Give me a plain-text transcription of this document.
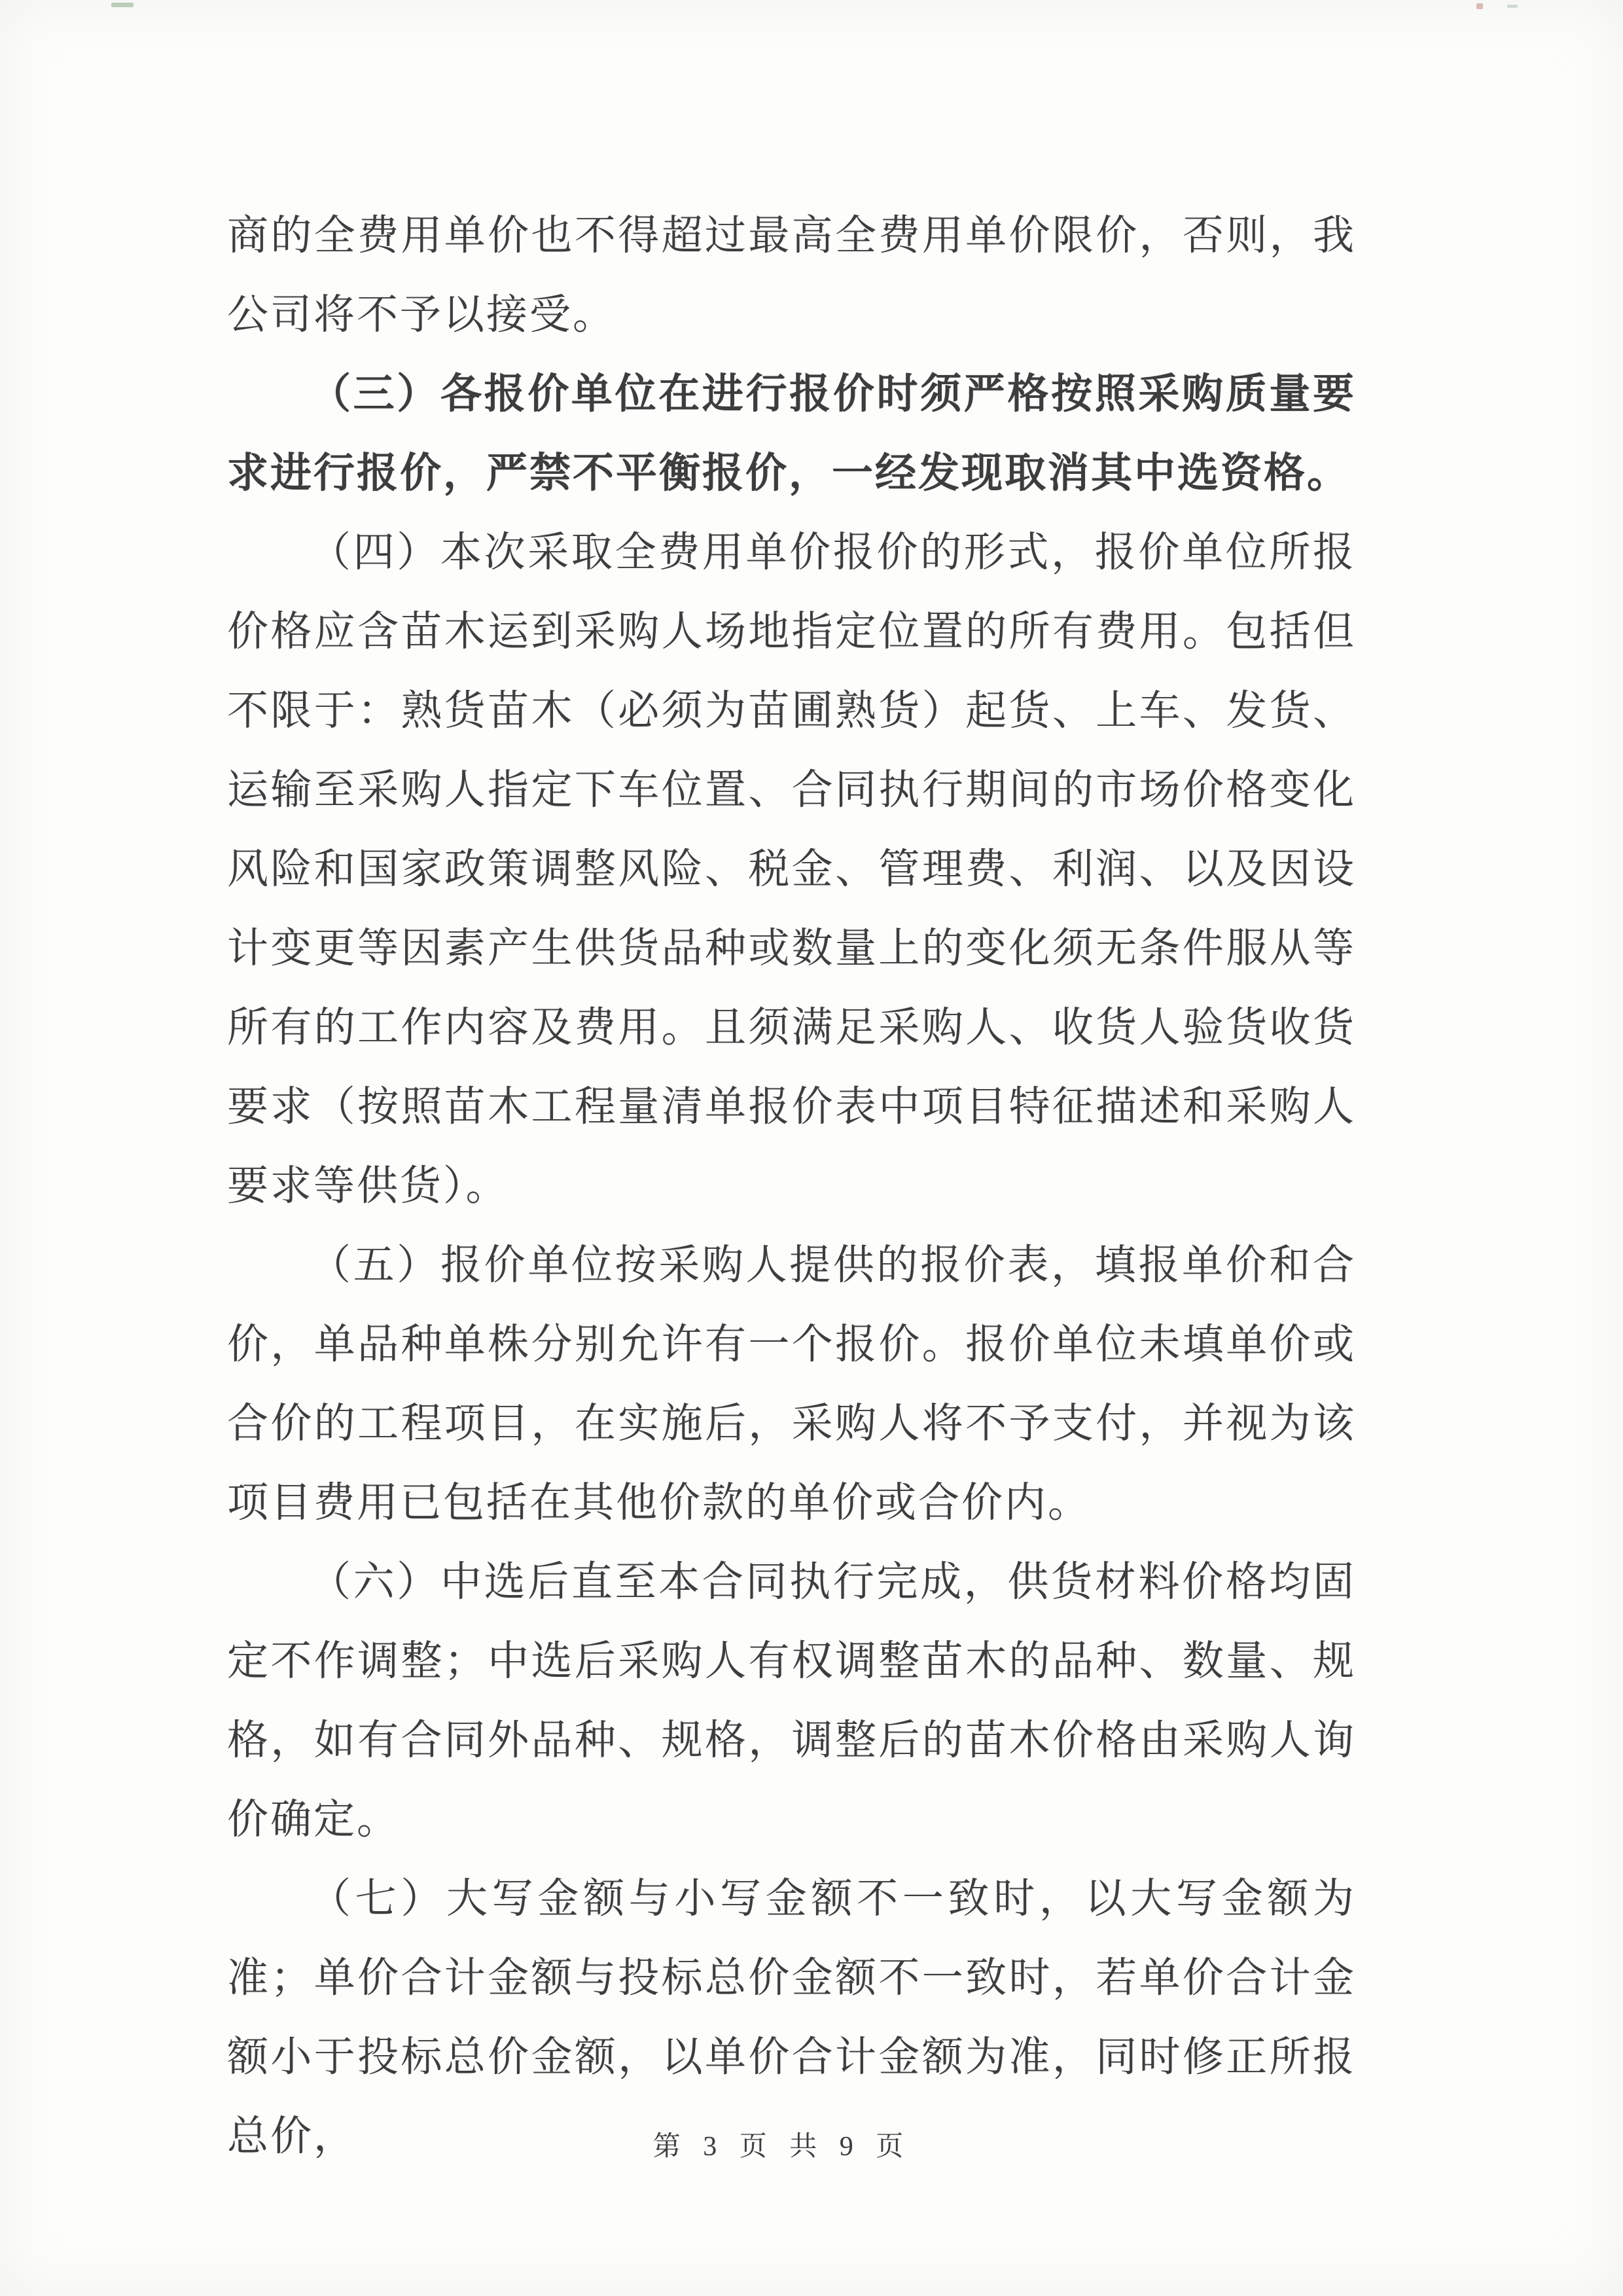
商的全费用单价也不得超过最高全费用单价限价，否则，我公司将不予以接受。

（三）各报价单位在进行报价时须严格按照采购质量要求进行报价，严禁不平衡报价，一经发现取消其中选资格。

（四）本次采取全费用单价报价的形式，报价单位所报价格应含苗木运到采购人场地指定位置的所有费用。包括但不限于：熟货苗木（必须为苗圃熟货）起货、上车、发货、运输至采购人指定下车位置、合同执行期间的市场价格变化风险和国家政策调整风险、税金、管理费、利润、以及因设计变更等因素产生供货品种或数量上的变化须无条件服从等所有的工作内容及费用。且须满足采购人、收货人验货收货要求（按照苗木工程量清单报价表中项目特征描述和采购人要求等供货）。

（五）报价单位按采购人提供的报价表，填报单价和合价，单品种单株分别允许有一个报价。报价单位未填单价或合价的工程项目，在实施后，采购人将不予支付，并视为该项目费用已包括在其他价款的单价或合价内。

（六）中选后直至本合同执行完成，供货材料价格均固定不作调整；中选后采购人有权调整苗木的品种、数量、规格，如有合同外品种、规格，调整后的苗木价格由采购人询价确定。

（七）大写金额与小写金额不一致时，以大写金额为准；单价合计金额与投标总价金额不一致时，若单价合计金额小于投标总价金额，以单价合计金额为准，同时修正所报总价，	第 3 页 共 9 页
